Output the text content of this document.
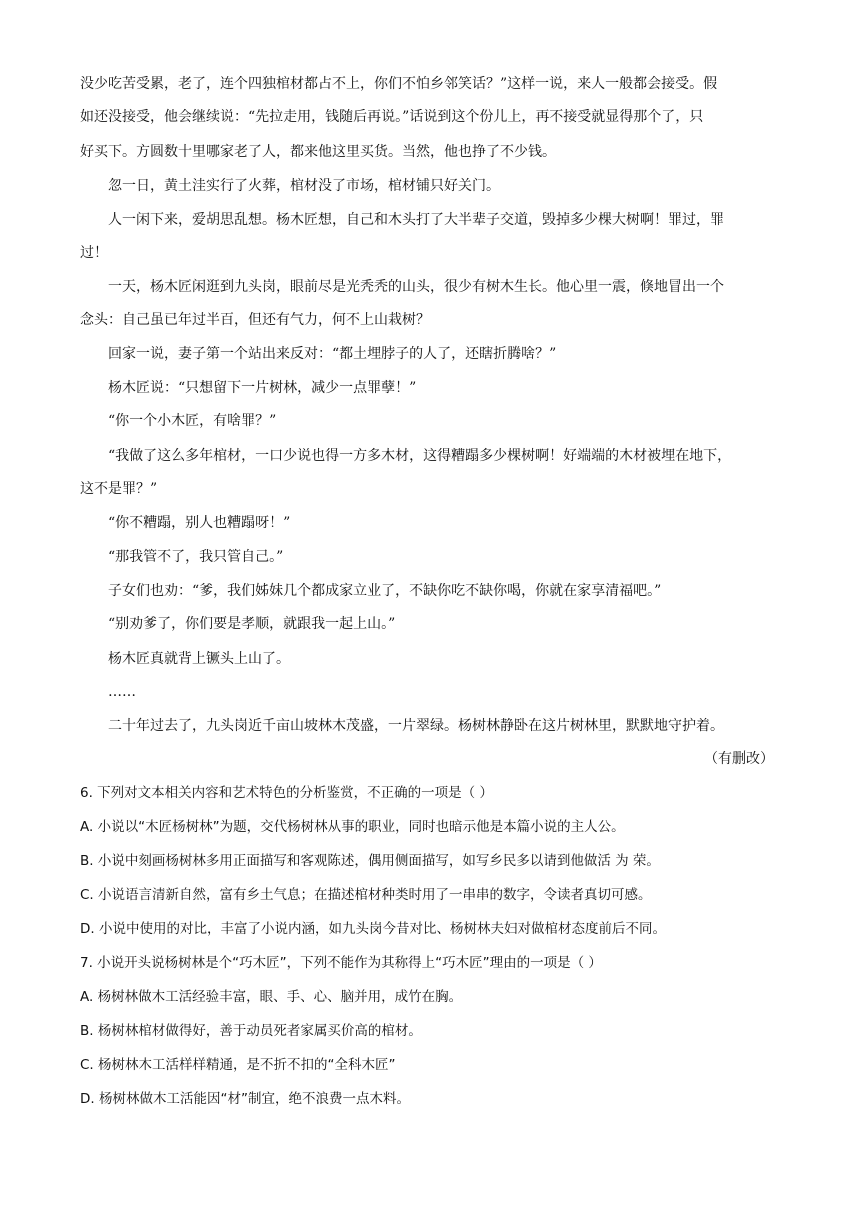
没少吃苦受累，老了，连个四独棺材都占不上，你们不怕乡邻笑话？”这样一说，来人一般都会接受。假
如还没接受，他会继续说：“先拉走用，钱随后再说。”话说到这个份儿上，再不接受就显得那个了，只
好买下。方圆数十里哪家老了人，都来他这里买货。当然，他也挣了不少钱。
忽一日，黄土洼实行了火葬，棺材没了市场，棺材铺只好关门。
人一闲下来，爱胡思乱想。杨木匠想，自己和木头打了大半辈子交道，毁掉多少棵大树啊！罪过，罪
过！
一天，杨木匠闲逛到九头岗，眼前尽是光秃秃的山头，很少有树木生长。他心里一震，倏地冒出一个
念头：自己虽已年过半百，但还有气力，何不上山栽树？
回家一说，妻子第一个站出来反对：“都土埋脖子的人了，还瞎折腾啥？”
杨木匠说：“只想留下一片树林，减少一点罪孽！”
“你一个小木匠，有啥罪？”
“我做了这么多年棺材，一口少说也得一方多木材，这得糟蹋多少棵树啊！好端端的木材被埋在地下，
这不是罪？”
“你不糟蹋，别人也糟蹋呀！”
“那我管不了，我只管自己。”
子女们也劝：“爹，我们姊妹几个都成家立业了，不缺你吃不缺你喝，你就在家享清福吧。”
“别劝爹了，你们要是孝顺，就跟我一起上山。”
杨木匠真就背上镢头上山了。
……
二十年过去了，九头岗近千亩山坡林木茂盛，一片翠绿。杨树林静卧在这片树林里，默默地守护着。
（有删改）
6. 下列对文本相关内容和艺术特色的分析鉴赏，不正确的一项是（ ）
A. 小说以“木匠杨树林”为题，交代杨树林从事的职业，同时也暗示他是本篇小说的主人公。
B. 小说中刻画杨树林多用正面描写和客观陈述，偶用侧面描写，如写乡民多以请到他做活 为 荣。
C. 小说语言清新自然，富有乡土气息；在描述棺材种类时用了一串串的数字，令读者真切可感。
D. 小说中使用的对比，丰富了小说内涵，如九头岗今昔对比、杨树林夫妇对做棺材态度前后不同。
7. 小说开头说杨树林是个“巧木匠”，下列不能作为其称得上“巧木匠”理由的一项是（ ）
A. 杨树林做木工活经验丰富，眼、手、心、脑并用，成竹在胸。
B. 杨树林棺材做得好，善于动员死者家属买价高的棺材。
C. 杨树林木工活样样精通，是不折不扣的“全科木匠”
D. 杨树林做木工活能因“材”制宜，绝不浪费一点木料。
